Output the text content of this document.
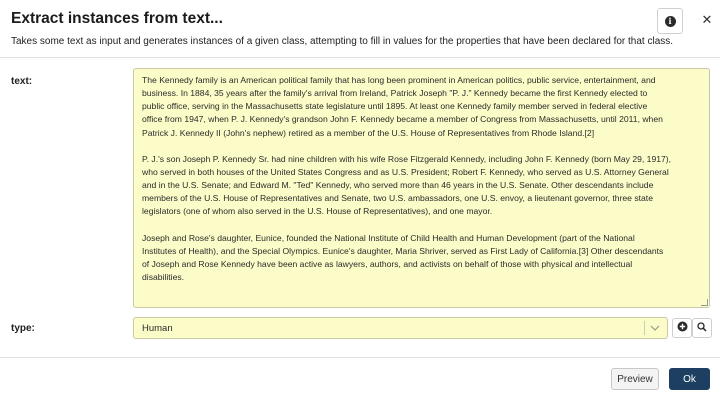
Extract instances from text...
Takes some text as input and generates instances of a given class, attempting to fill in values for the properties that have been declared for that class.
i	✕
text:	The Kennedy family is an American political family that has long been prominent in American politics, public service, entertainment, and
business. In 1884, 35 years after the family's arrival from Ireland, Patrick Joseph "P. J." Kennedy became the first Kennedy elected to
public office, serving in the Massachusetts state legislature until 1895. At least one Kennedy family member served in federal elective
office from 1947, when P. J. Kennedy's grandson John F. Kennedy became a member of Congress from Massachusetts, until 2011, when
Patrick J. Kennedy II (John's nephew) retired as a member of the U.S. House of Representatives from Rhode Island.[2]

P. J.'s son Joseph P. Kennedy Sr. had nine children with his wife Rose Fitzgerald Kennedy, including John F. Kennedy (born May 29, 1917),
who served in both houses of the United States Congress and as U.S. President; Robert F. Kennedy, who served as U.S. Attorney General
and in the U.S. Senate; and Edward M. "Ted" Kennedy, who served more than 46 years in the U.S. Senate. Other descendants include
members of the U.S. House of Representatives and Senate, two U.S. ambassadors, one U.S. envoy, a lieutenant governor, three state
legislators (one of whom also served in the U.S. House of Representatives), and one mayor.

Joseph and Rose's daughter, Eunice, founded the National Institute of Child Health and Human Development (part of the National
Institutes of Health), and the Special Olympics. Eunice's daughter, Maria Shriver, served as First Lady of California.[3] Other descendants
of Joseph and Rose Kennedy have been active as lawyers, authors, and activists on behalf of those with physical and intellectual
disabilities.

type:	Human
Preview	Ok
